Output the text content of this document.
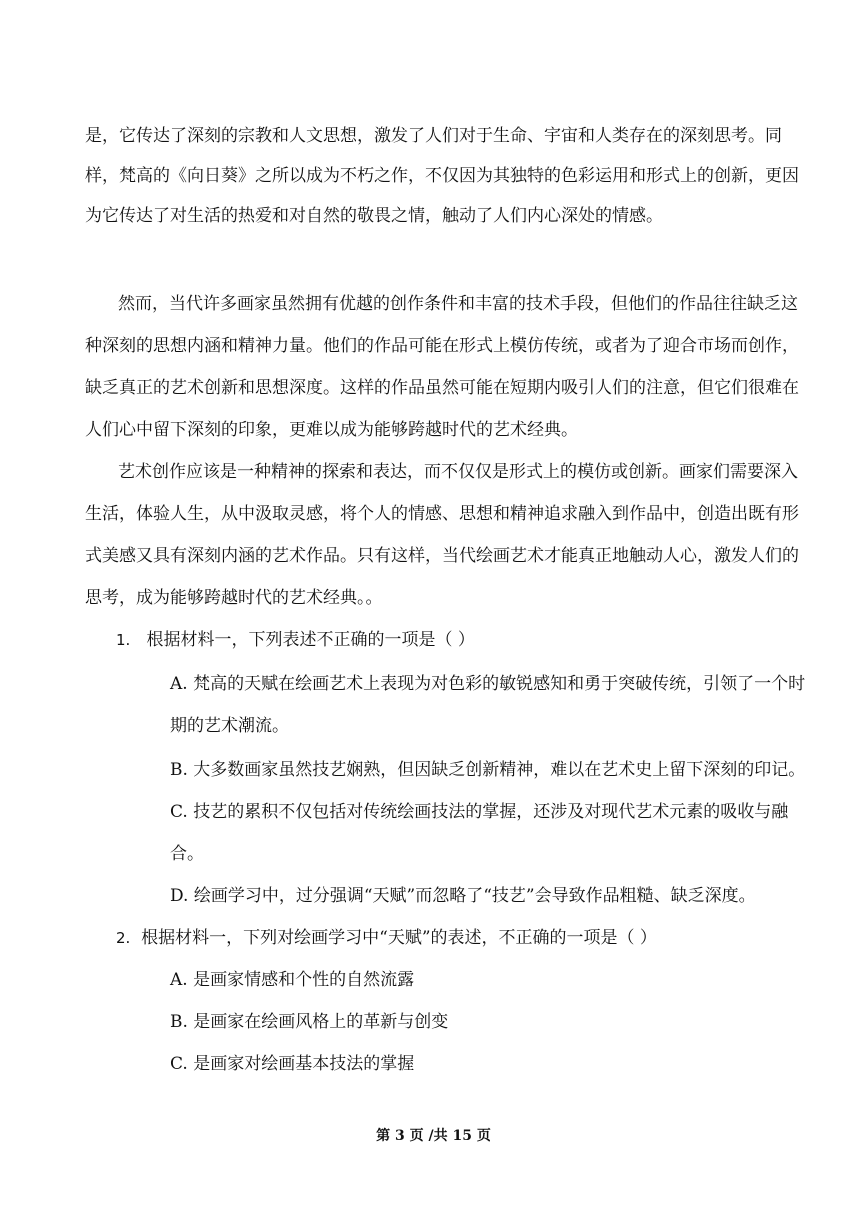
是，它传达了深刻的宗教和人文思想，激发了人们对于生命、宇宙和人类存在的深刻思考。同
样，梵高的《向日葵》之所以成为不朽之作，不仅因为其独特的色彩运用和形式上的创新，更因
为它传达了对生活的热爱和对自然的敬畏之情，触动了人们内心深处的情感。
然而，当代许多画家虽然拥有优越的创作条件和丰富的技术手段，但他们的作品往往缺乏这
种深刻的思想内涵和精神力量。他们的作品可能在形式上模仿传统，或者为了迎合市场而创作，
缺乏真正的艺术创新和思想深度。这样的作品虽然可能在短期内吸引人们的注意，但它们很难在
人们心中留下深刻的印象，更难以成为能够跨越时代的艺术经典。
艺术创作应该是一种精神的探索和表达，而不仅仅是形式上的模仿或创新。画家们需要深入
生活，体验人生，从中汲取灵感，将个人的情感、思想和精神追求融入到作品中，创造出既有形
式美感又具有深刻内涵的艺术作品。只有这样，当代绘画艺术才能真正地触动人心，激发人们的
思考，成为能够跨越时代的艺术经典。。
1. 根据材料一，下列表述不正确的一项是（ ）
A. 梵高的天赋在绘画艺术上表现为对色彩的敏锐感知和勇于突破传统，引领了一个时
期的艺术潮流。
B. 大多数画家虽然技艺娴熟，但因缺乏创新精神，难以在艺术史上留下深刻的印记。
C. 技艺的累积不仅包括对传统绘画技法的掌握，还涉及对现代艺术元素的吸收与融
合。
D. 绘画学习中，过分强调“天赋”而忽略了“技艺”会导致作品粗糙、缺乏深度。
2. 根据材料一，下列对绘画学习中“天赋”的表述，不正确的一项是（ ）
A. 是画家情感和个性的自然流露
B. 是画家在绘画风格上的革新与创变
C. 是画家对绘画基本技法的掌握
第 3 页 /共 15 页
